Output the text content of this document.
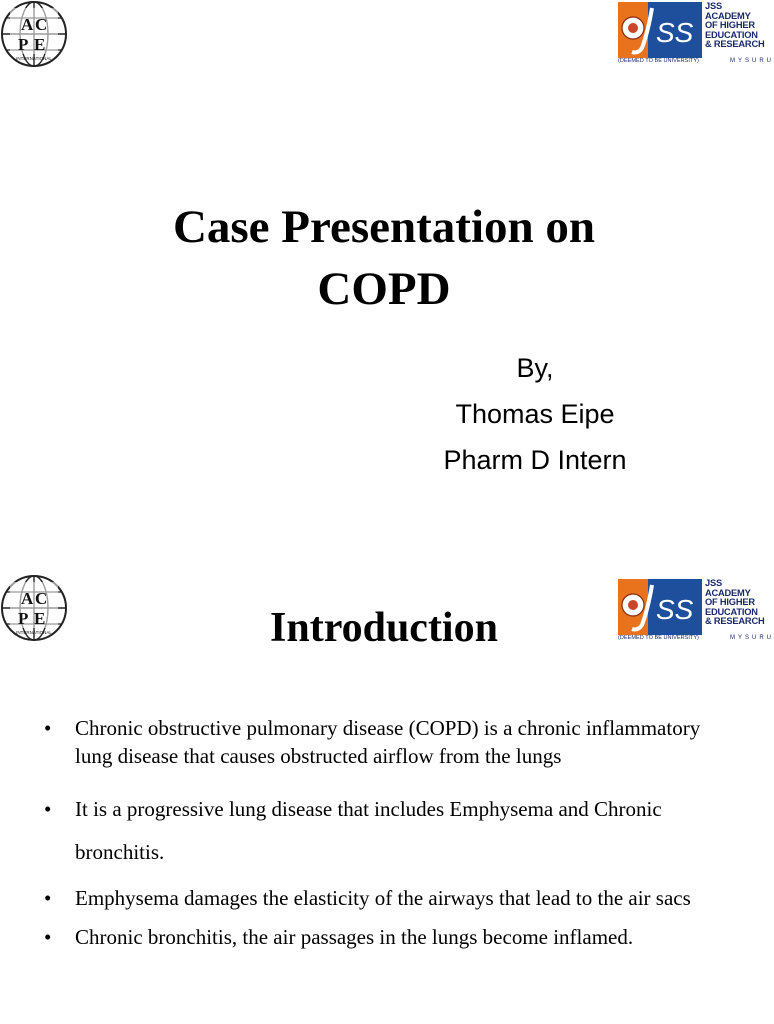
A C
P E
INTERNATIONAL
SS
JSS
ACADEMY
OF HIGHER
EDUCATION
& RESEARCH
(DEEMED TO BE UNIVERSITY)	MYSURU
Case Presentation on
COPD
By,
Thomas Eipe
Pharm D Intern
A C
P E
INTERNATIONAL
SS
JSS
ACADEMY
OF HIGHER
EDUCATION
& RESEARCH
(DEEMED TO BE UNIVERSITY)	MYSURU
Introduction
• Chronic obstructive pulmonary disease (COPD) is a chronic inflammatory lung disease that causes obstructed airflow from the lungs
• It is a progressive lung disease that includes Emphysema and Chronic bronchitis.
• Emphysema damages the elasticity of the airways that lead to the air sacs
• Chronic bronchitis, the air passages in the lungs become inflamed.
